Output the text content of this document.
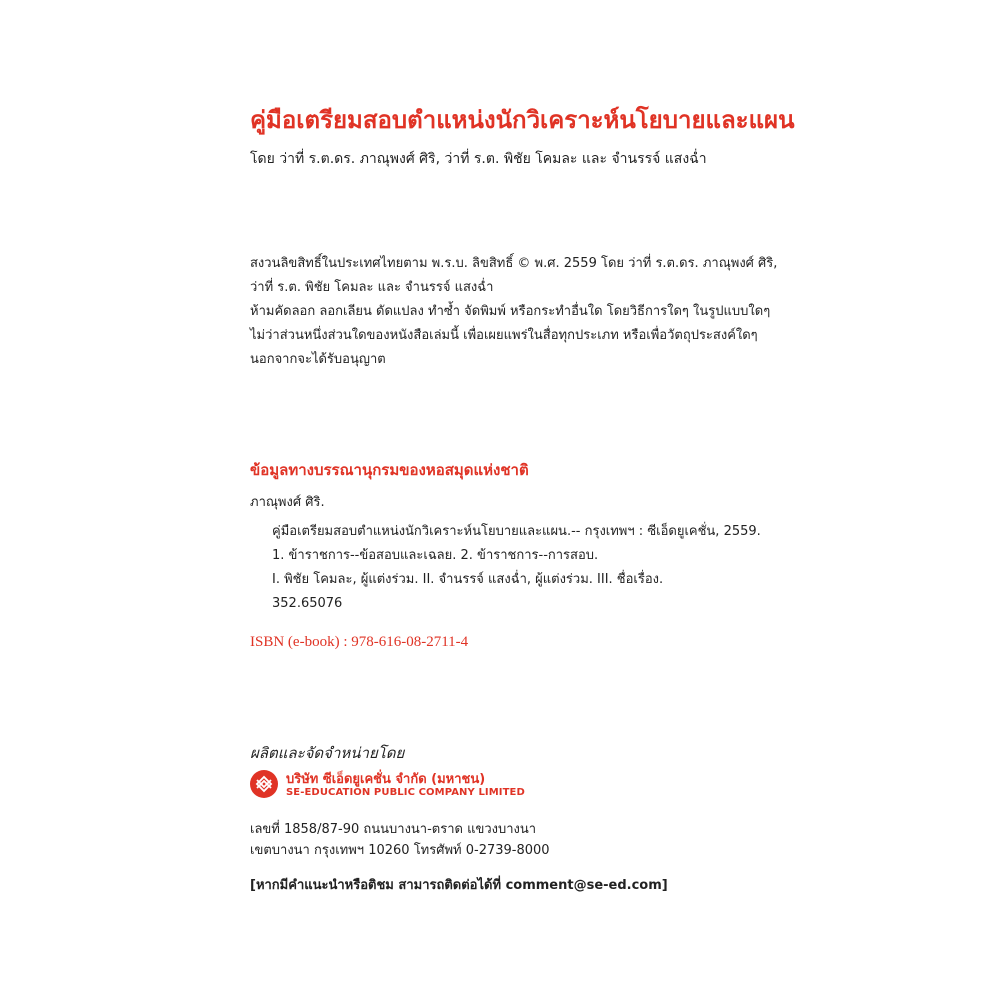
คู่มือเตรียมสอบตำแหน่งนักวิเคราะห์นโยบายและแผน
โดย ว่าที่ ร.ต.ดร. ภาณุพงศ์ ศิริ, ว่าที่ ร.ต. พิชัย โคมละ และ จำนรรจ์ แสงฉ่ำ
สงวนลิขสิทธิ์ในประเทศไทยตาม พ.ร.บ. ลิขสิทธิ์ © พ.ศ. 2559 โดย ว่าที่ ร.ต.ดร. ภาณุพงศ์ ศิริ,
ว่าที่ ร.ต. พิชัย โคมละ และ จำนรรจ์ แสงฉ่ำ
ห้ามคัดลอก ลอกเลียน ดัดแปลง ทำซ้ำ จัดพิมพ์ หรือกระทำอื่นใด โดยวิธีการใดๆ ในรูปแบบใดๆ
ไม่ว่าส่วนหนึ่งส่วนใดของหนังสือเล่มนี้ เพื่อเผยแพร่ในสื่อทุกประเภท หรือเพื่อวัตถุประสงค์ใดๆ
นอกจากจะได้รับอนุญาต
ข้อมูลทางบรรณานุกรมของหอสมุดแห่งชาติ
ภาณุพงศ์ ศิริ.
คู่มือเตรียมสอบตำแหน่งนักวิเคราะห์นโยบายและแผน.-- กรุงเทพฯ : ซีเอ็ดยูเคชั่น, 2559.
1. ข้าราชการ--ข้อสอบและเฉลย. 2. ข้าราชการ--การสอบ.
I. พิชัย โคมละ, ผู้แต่งร่วม. II. จำนรรจ์ แสงฉ่ำ, ผู้แต่งร่วม. III. ชื่อเรื่อง.
352.65076
ISBN (e-book) : 978-616-08-2711-4
ผลิตและจัดจำหน่ายโดย
บริษัท ซีเอ็ดยูเคชั่น จำกัด (มหาชน)
SE-EDUCATION PUBLIC COMPANY LIMITED
เลขที่ 1858/87-90 ถนนบางนา-ตราด แขวงบางนา
เขตบางนา กรุงเทพฯ 10260 โทรศัพท์ 0-2739-8000
[หากมีคำแนะนำหรือติชม สามารถติดต่อได้ที่ comment@se-ed.com]
